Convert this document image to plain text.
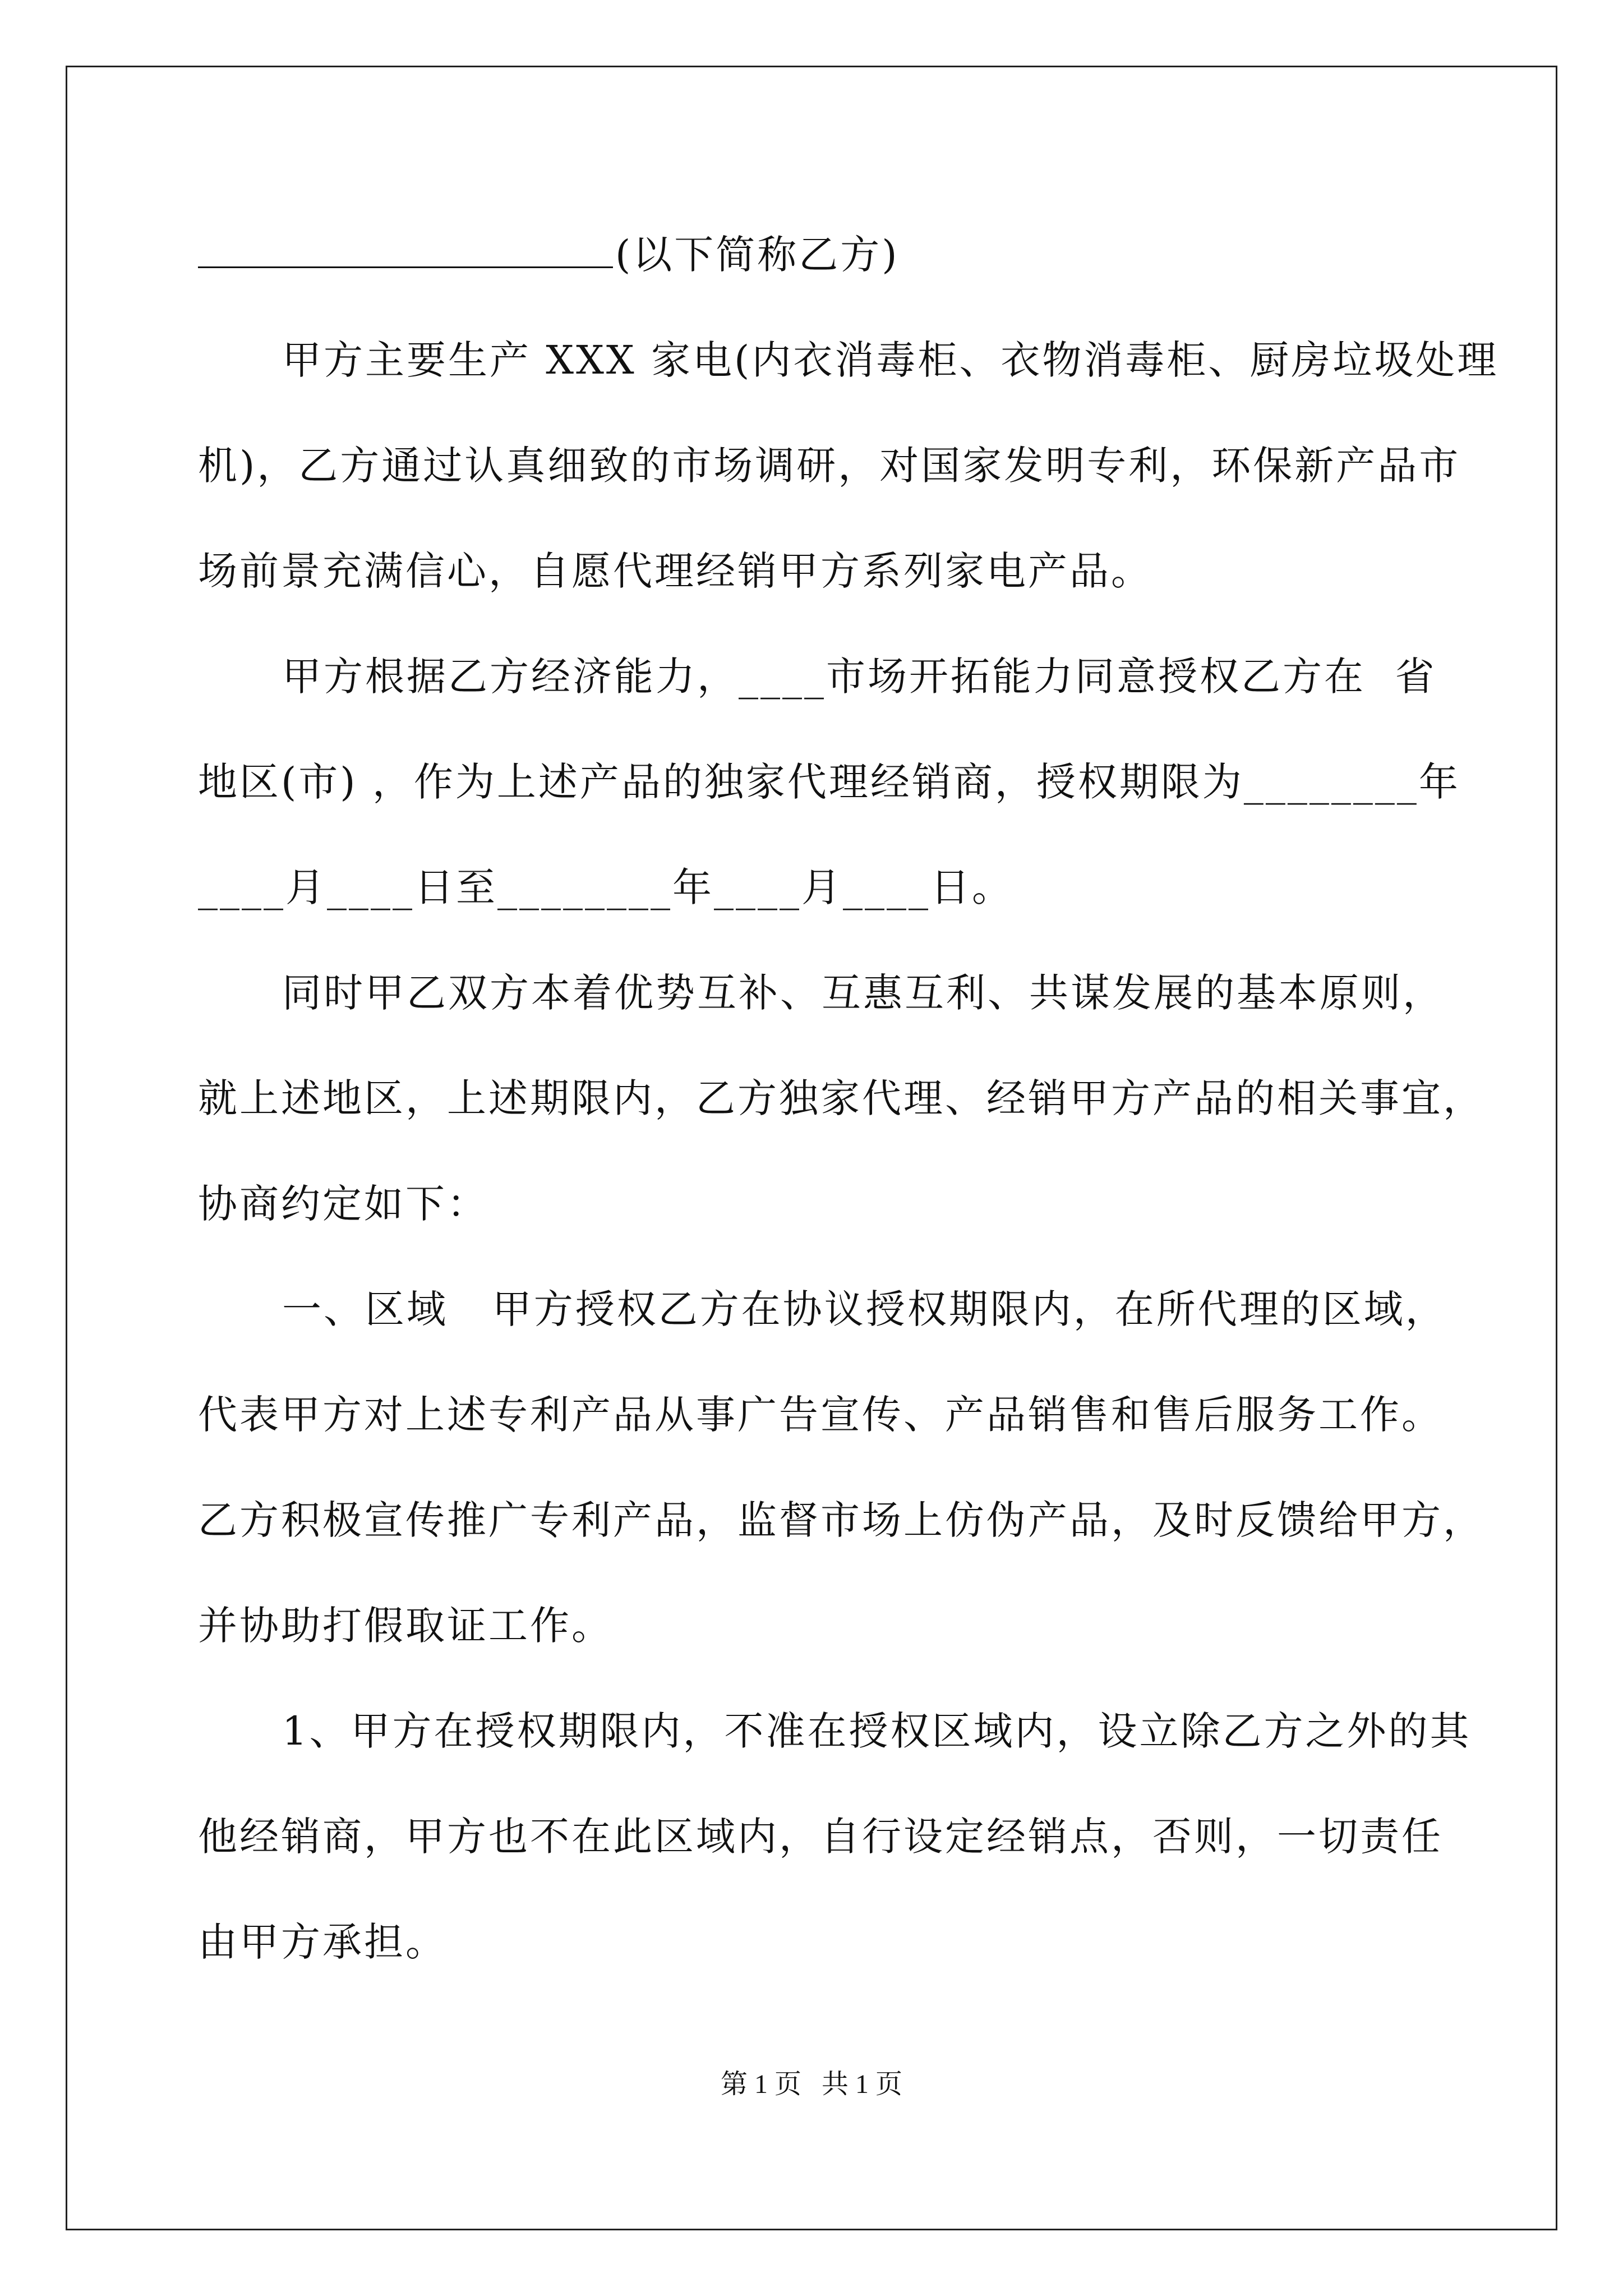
(以下简称乙方)
甲方主要生产 XXX 家电(内衣消毒柜、衣物消毒柜、厨房垃圾处理
机)，乙方通过认真细致的市场调研，对国家发明专利，环保新产品市
场前景充满信心，自愿代理经销甲方系列家电产品。
甲方根据乙方经济能力，____市场开拓能力同意授权乙方在  省
地区(市) ，作为上述产品的独家代理经销商，授权期限为________年
____月____日至________年____月____日。
同时甲乙双方本着优势互补、互惠互利、共谋发展的基本原则，
就上述地区，上述期限内，乙方独家代理、经销甲方产品的相关事宜，
协商约定如下：
一、区域   甲方授权乙方在协议授权期限内，在所代理的区域，
代表甲方对上述专利产品从事广告宣传、产品销售和售后服务工作。
乙方积极宣传推广专利产品，监督市场上仿伪产品，及时反馈给甲方，
并协助打假取证工作。
1、甲方在授权期限内，不准在授权区域内，设立除乙方之外的其
他经销商，甲方也不在此区域内，自行设定经销点，否则，一切责任
由甲方承担。
第 1 页   共 1 页
